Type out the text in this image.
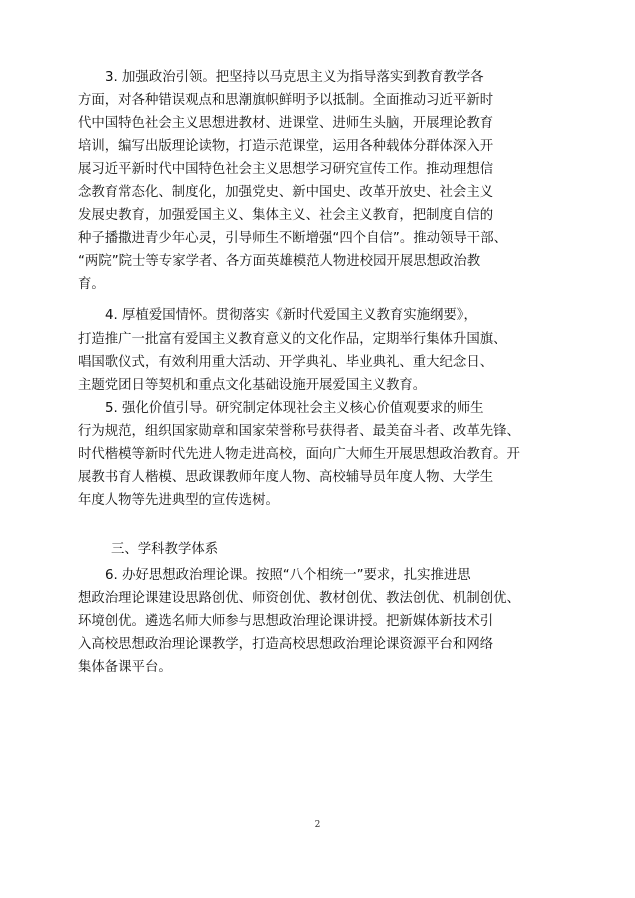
3. 加强政治引领。把坚持以马克思主义为指导落实到教育教学各
方面，对各种错误观点和思潮旗帜鲜明予以抵制。全面推动习近平新时
代中国特色社会主义思想进教材、进课堂、进师生头脑，开展理论教育
培训，编写出版理论读物，打造示范课堂，运用各种载体分群体深入开
展习近平新时代中国特色社会主义思想学习研究宣传工作。推动理想信
念教育常态化、制度化，加强党史、新中国史、改革开放史、社会主义
发展史教育，加强爱国主义、集体主义、社会主义教育，把制度自信的
种子播撒进青少年心灵，引导师生不断增强“四个自信”。推动领导干部、
“两院”院士等专家学者、各方面英雄模范人物进校园开展思想政治教
育。
4. 厚植爱国情怀。贯彻落实《新时代爱国主义教育实施纲要》，
打造推广一批富有爱国主义教育意义的文化作品，定期举行集体升国旗、
唱国歌仪式，有效利用重大活动、开学典礼、毕业典礼、重大纪念日、
主题党团日等契机和重点文化基础设施开展爱国主义教育。
5. 强化价值引导。研究制定体现社会主义核心价值观要求的师生
行为规范，组织国家勋章和国家荣誉称号获得者、最美奋斗者、改革先锋、
时代楷模等新时代先进人物走进高校，面向广大师生开展思想政治教育。开
展教书育人楷模、思政课教师年度人物、高校辅导员年度人物、大学生
年度人物等先进典型的宣传选树。
三、学科教学体系
6. 办好思想政治理论课。按照“八个相统一”要求，扎实推进思
想政治理论课建设思路创优、师资创优、教材创优、教法创优、机制创优、
环境创优。遴选名师大师参与思想政治理论课讲授。把新媒体新技术引
入高校思想政治理论课教学，打造高校思想政治理论课资源平台和网络
集体备课平台。
2
